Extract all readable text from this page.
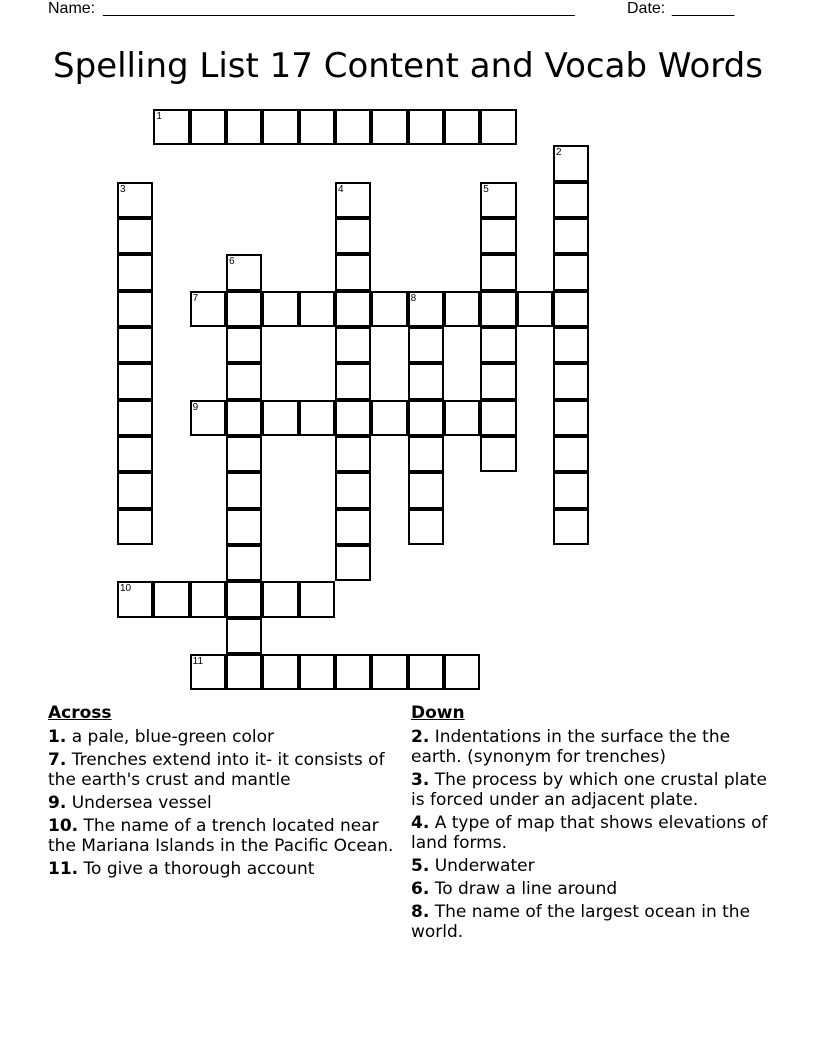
Name: _____________________________________________________	Date: _______
Spelling List 17 Content and Vocab Words
1
2
3	4	5
6
7	8
9
10
11
Across
1. a pale, blue-green color
7. Trenches extend into it- it consists of the earth's crust and mantle
9. Undersea vessel
10. The name of a trench located near the Mariana Islands in the Pacific Ocean.
11. To give a thorough account
Down
2. Indentations in the surface the the earth. (synonym for trenches)
3. The process by which one crustal plate is forced under an adjacent plate.
4. A type of map that shows elevations of land forms.
5. Underwater
6. To draw a line around
8. The name of the largest ocean in the world.
